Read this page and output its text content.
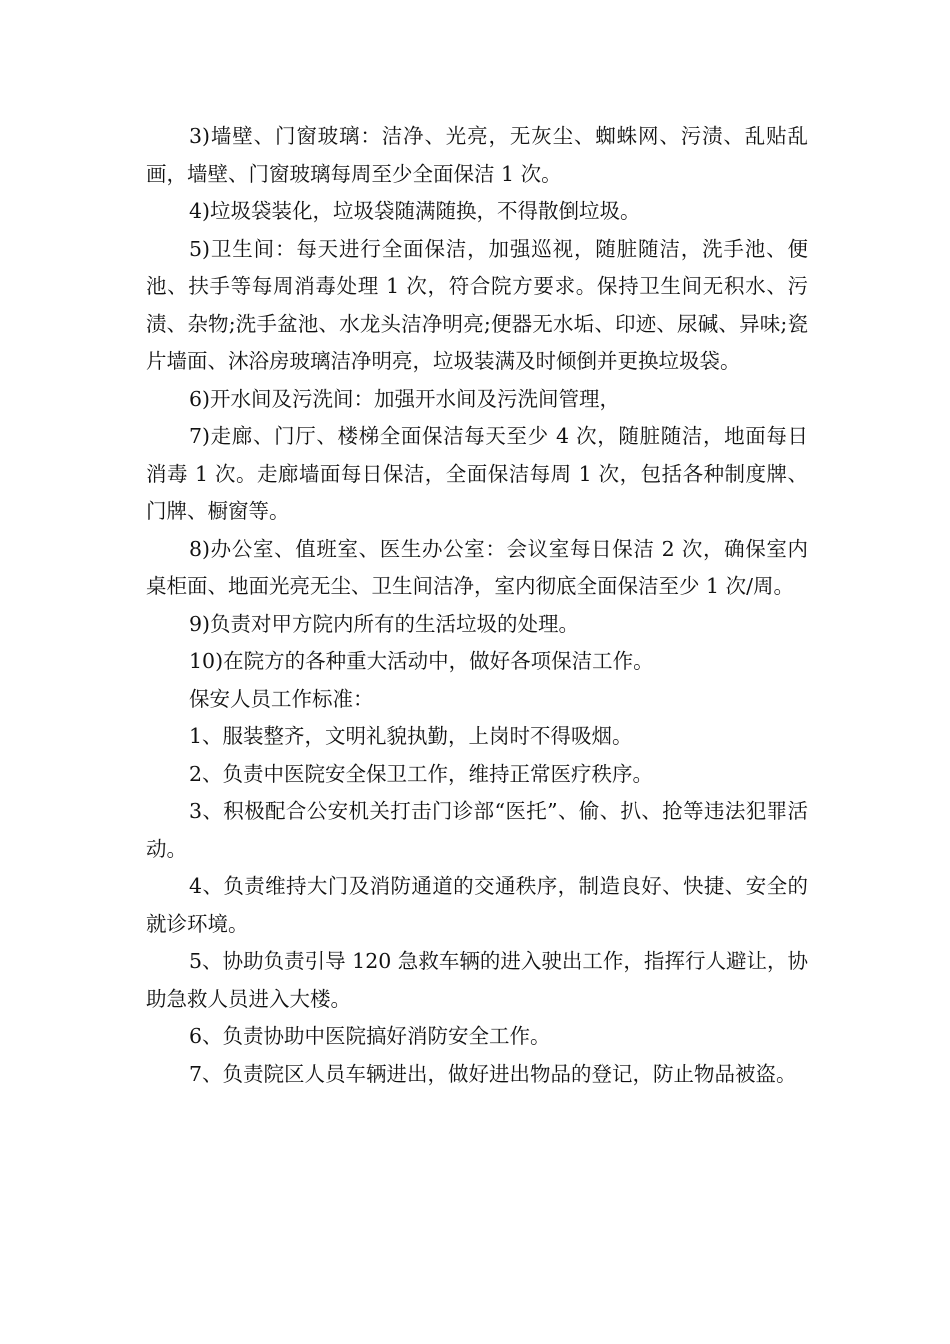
3)墙壁、门窗玻璃：洁净、光亮，无灰尘、蜘蛛网、污渍、乱贴乱画，墙壁、门窗玻璃每周至少全面保洁 1 次。

4)垃圾袋装化，垃圾袋随满随换，不得散倒垃圾。

5)卫生间：每天进行全面保洁，加强巡视，随脏随洁，洗手池、便池、扶手等每周消毒处理 1 次，符合院方要求。保持卫生间无积水、污渍、杂物;洗手盆池、水龙头洁净明亮;便器无水垢、印迹、尿碱、异味;瓷片墙面、沐浴房玻璃洁净明亮，垃圾装满及时倾倒并更换垃圾袋。

6)开水间及污洗间：加强开水间及污洗间管理，

7)走廊、门厅、楼梯全面保洁每天至少 4 次，随脏随洁，地面每日消毒 1 次。走廊墙面每日保洁，全面保洁每周 1 次，包括各种制度牌、门牌、橱窗等。

8)办公室、值班室、医生办公室：会议室每日保洁 2 次，确保室内桌柜面、地面光亮无尘、卫生间洁净，室内彻底全面保洁至少 1 次/周。

9)负责对甲方院内所有的生活垃圾的处理。

10)在院方的各种重大活动中，做好各项保洁工作。

保安人员工作标准：

1、服装整齐，文明礼貌执勤，上岗时不得吸烟。

2、负责中医院安全保卫工作，维持正常医疗秩序。

3、积极配合公安机关打击门诊部“医托”、偷、扒、抢等违法犯罪活动。

4、负责维持大门及消防通道的交通秩序，制造良好、快捷、安全的就诊环境。

5、协助负责引导 120 急救车辆的进入驶出工作，指挥行人避让，协助急救人员进入大楼。

6、负责协助中医院搞好消防安全工作。

7、负责院区人员车辆进出，做好进出物品的登记，防止物品被盗。
